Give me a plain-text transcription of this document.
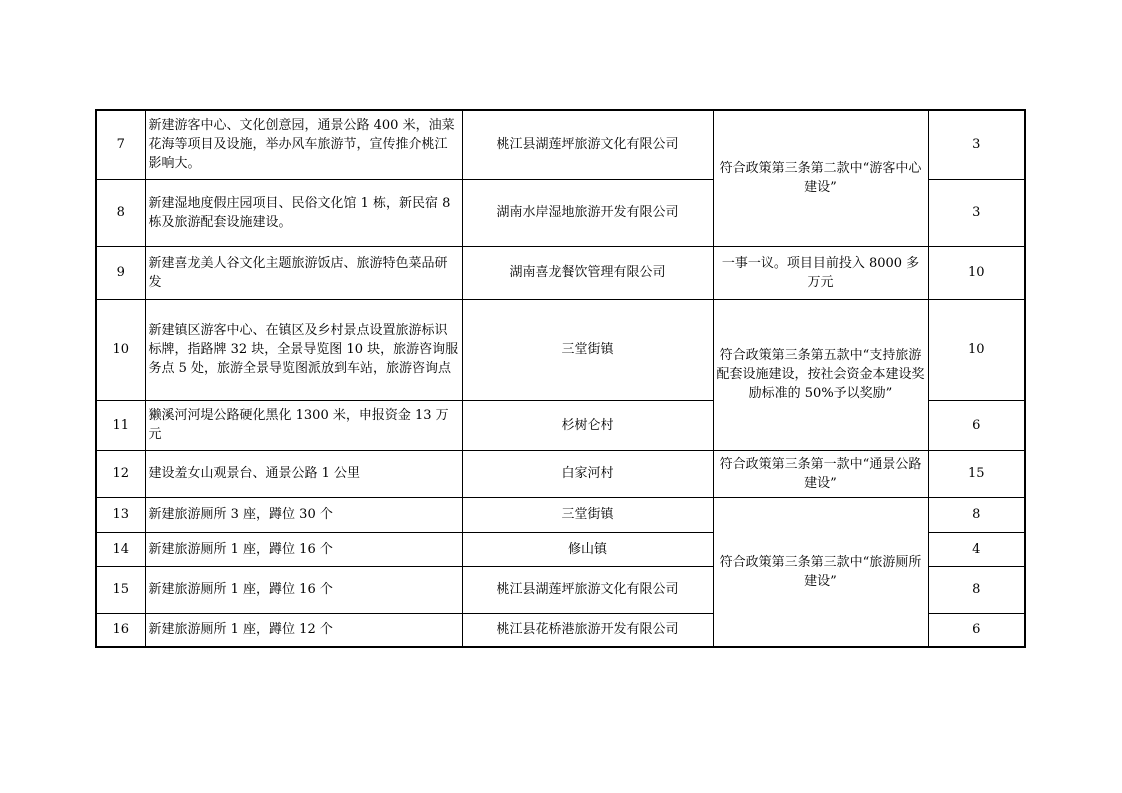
7	新建游客中心、文化创意园，通景公路 400 米，油菜花海等项目及设施，举办风车旅游节，宣传推介桃江影响大。	桃江县湖莲坪旅游文化有限公司	符合政策第三条第二款中“游客中心建设”	3
8	新建湿地度假庄园项目、民俗文化馆 1 栋，新民宿 8 栋及旅游配套设施建设。	湖南水岸湿地旅游开发有限公司		3
9	新建喜龙美人谷文化主题旅游饭店、旅游特色菜品研发	湖南喜龙餐饮管理有限公司	一事一议。项目目前投入 8000 多万元	10
10	新建镇区游客中心、在镇区及乡村景点设置旅游标识标牌，指路牌 32 块，全景导览图 10 块，旅游咨询服务点 5 处，旅游全景导览图派放到车站，旅游咨询点	三堂街镇	符合政策第三条第五款中“支持旅游配套设施建设，按社会资金本建设奖励标准的 50%予以奖励”	10
11	獭溪河河堤公路硬化黑化 1300 米，申报资金 13 万元	杉树仑村		6
12	建设羞女山观景台、通景公路 1 公里	白家河村	符合政策第三条第一款中“通景公路建设”	15
13	新建旅游厕所 3 座，蹲位 30 个	三堂街镇	符合政策第三条第三款中“旅游厕所建设”	8
14	新建旅游厕所 1 座，蹲位 16 个	修山镇		4
15	新建旅游厕所 1 座，蹲位 16 个	桃江县湖莲坪旅游文化有限公司		8
16	新建旅游厕所 1 座，蹲位 12 个	桃江县花桥港旅游开发有限公司		6
